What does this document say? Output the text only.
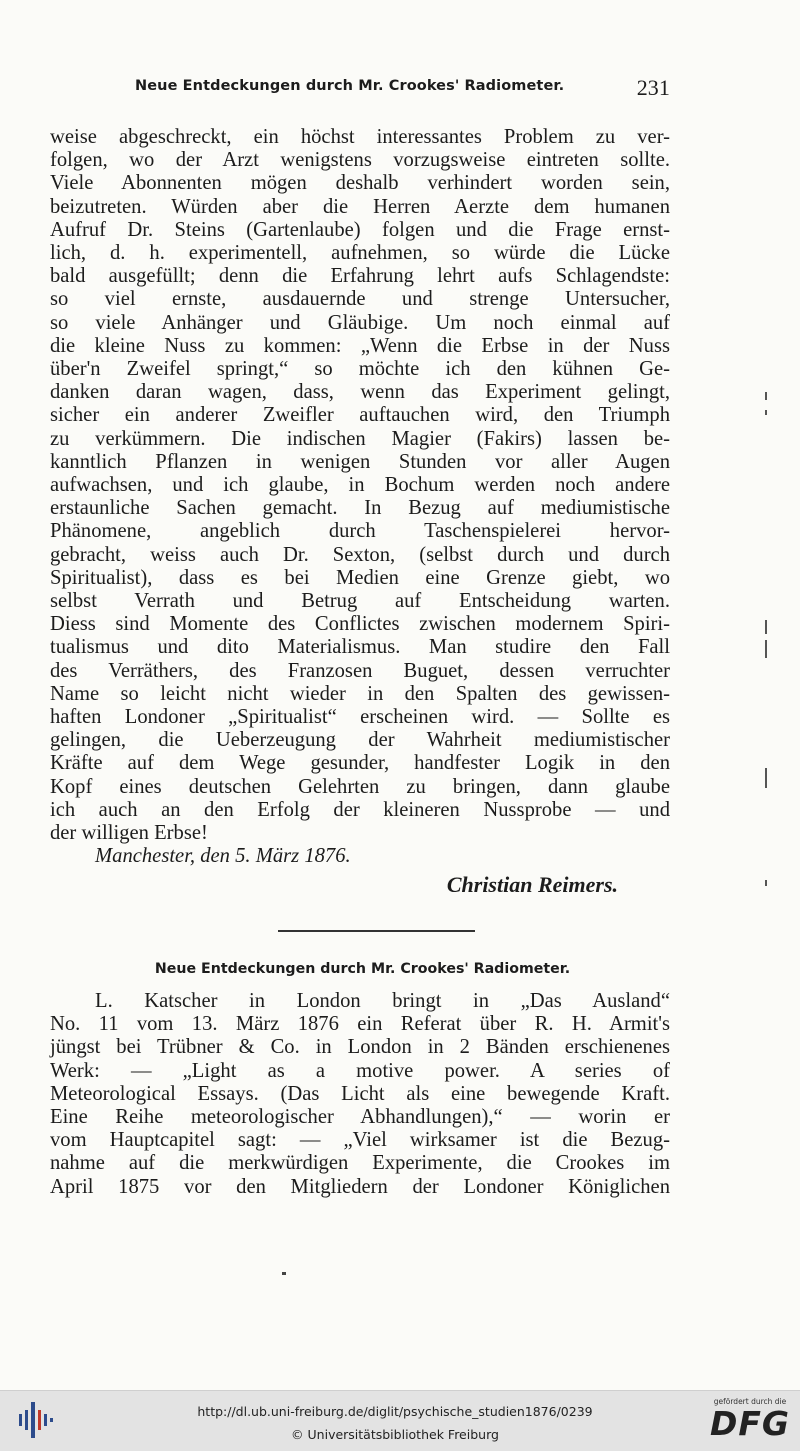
Neue Entdeckungen durch Mr. Crookes' Radiometer.	231
weise abgeschreckt, ein höchst interessantes Problem zu ver-
folgen, wo der Arzt wenigstens vorzugsweise eintreten sollte.
Viele Abonnenten mögen deshalb verhindert worden sein,
beizutreten. Würden aber die Herren Aerzte dem humanen
Aufruf Dr. Steins (Gartenlaube) folgen und die Frage ernst-
lich, d. h. experimentell, aufnehmen, so würde die Lücke
bald ausgefüllt; denn die Erfahrung lehrt aufs Schlagendste:
so viel ernste, ausdauernde und strenge Untersucher,
so viele Anhänger und Gläubige. Um noch einmal auf
die kleine Nuss zu kommen: „Wenn die Erbse in der Nuss
über'n Zweifel springt,“ so möchte ich den kühnen Ge-
danken daran wagen, dass, wenn das Experiment gelingt,
sicher ein anderer Zweifler auftauchen wird, den Triumph
zu verkümmern. Die indischen Magier (Fakirs) lassen be-
kanntlich Pflanzen in wenigen Stunden vor aller Augen
aufwachsen, und ich glaube, in Bochum werden noch andere
erstaunliche Sachen gemacht. In Bezug auf mediumistische
Phänomene, angeblich durch Taschenspielerei hervor-
gebracht, weiss auch Dr. Sexton, (selbst durch und durch
Spiritualist), dass es bei Medien eine Grenze giebt, wo
selbst Verrath und Betrug auf Entscheidung warten.
Diess sind Momente des Conflictes zwischen modernem Spiri-
tualismus und dito Materialismus. Man studire den Fall
des Verräthers, des Franzosen Buguet, dessen verruchter
Name so leicht nicht wieder in den Spalten des gewissen-
haften Londoner „Spiritualist“ erscheinen wird. — Sollte es
gelingen, die Ueberzeugung der Wahrheit mediumistischer
Kräfte auf dem Wege gesunder, handfester Logik in den
Kopf eines deutschen Gelehrten zu bringen, dann glaube
ich auch an den Erfolg der kleineren Nussprobe — und
der willigen Erbse!
Manchester, den 5. März 1876.
Christian Reimers.
Neue Entdeckungen durch Mr. Crookes' Radiometer.
L. Katscher in London bringt in „Das Ausland“
No. 11 vom 13. März 1876 ein Referat über R. H. Armit's
jüngst bei Trübner & Co. in London in 2 Bänden erschienenes
Werk: — „Light as a motive power. A series of
Meteorological Essays. (Das Licht als eine bewegende Kraft.
Eine Reihe meteorologischer Abhandlungen),“ — worin er
vom Hauptcapitel sagt: — „Viel wirksamer ist die Bezug-
nahme auf die merkwürdigen Experimente, die Crookes im
April 1875 vor den Mitgliedern der Londoner Königlichen
http://dl.ub.uni-freiburg.de/diglit/psychische_studien1876/0239
© Universitätsbibliothek Freiburg
gefördert durch die
DFG
